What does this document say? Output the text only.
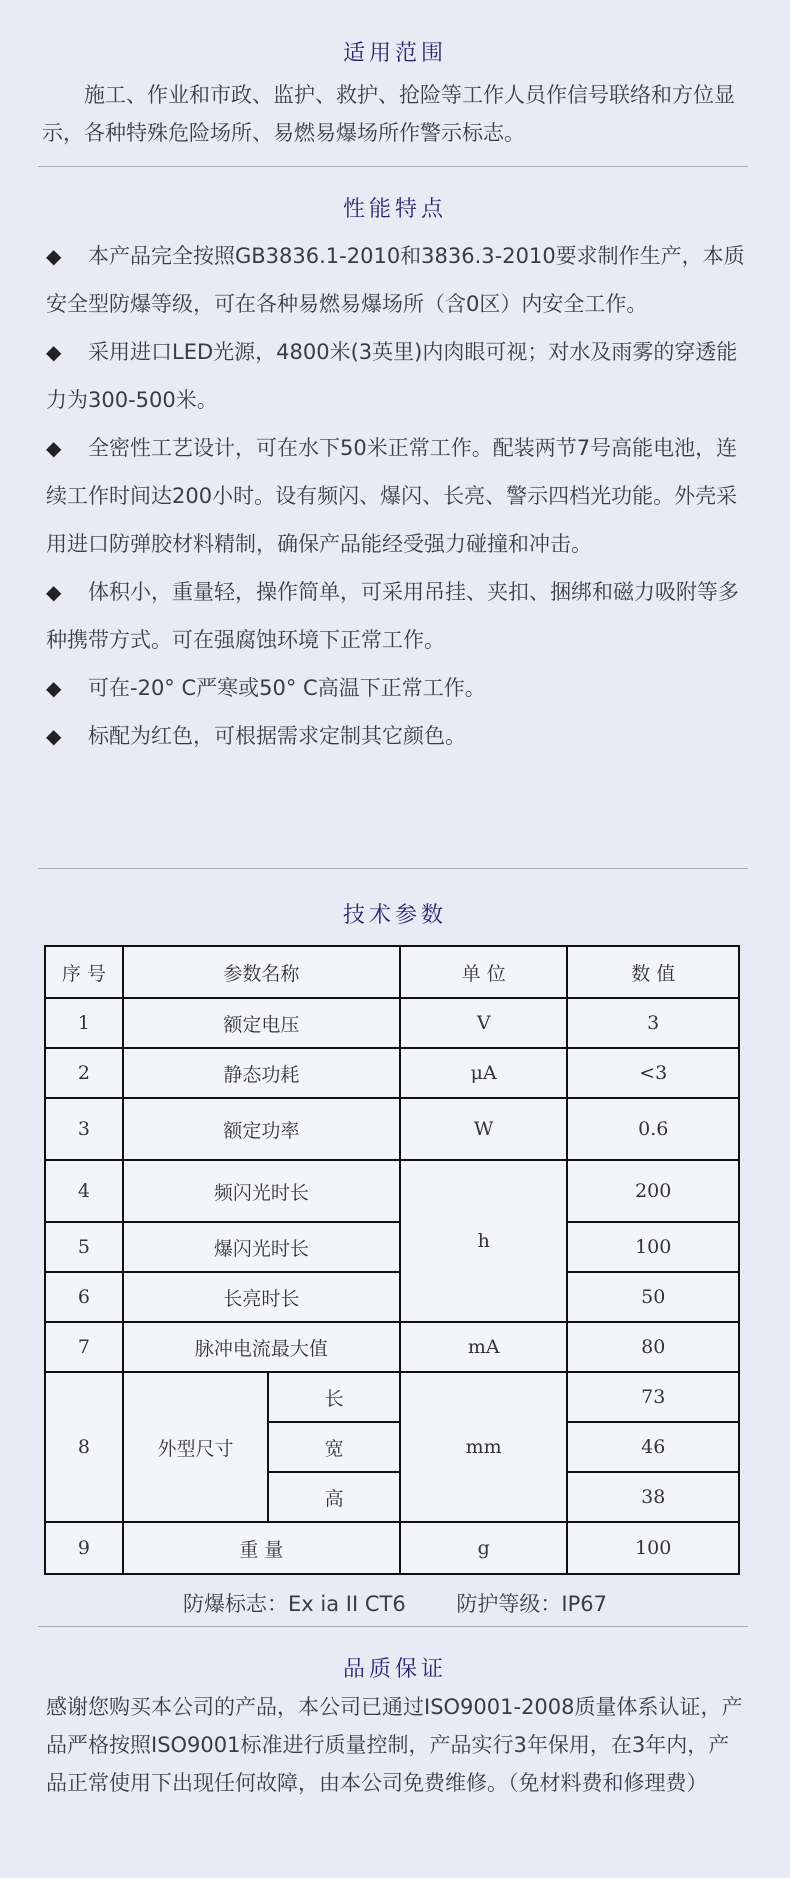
适用范围

施工、作业和市政、监护、救护、抢险等工作人员作信号联络和方位显示，各种特殊危险场所、易燃易爆场所作警示标志。

性能特点
◆ 本产品完全按照GB3836.1-2010和3836.3-2010要求制作生产，本质安全型防爆等级，可在各种易燃易爆场所（含0区）内安全工作。
◆ 采用进口LED光源，4800米(3英里)内肉眼可视；对水及雨雾的穿透能力为300-500米。
◆ 全密性工艺设计，可在水下50米正常工作。配装两节7号高能电池，连续工作时间达200小时。设有频闪、爆闪、长亮、警示四档光功能。外壳采用进口防弹胶材料精制，确保产品能经受强力碰撞和冲击。
◆ 体积小，重量轻，操作简单，可采用吊挂、夹扣、捆绑和磁力吸附等多种携带方式。可在强腐蚀环境下正常工作。
◆ 可在-20° C严寒或50° C高温下正常工作。
◆ 标配为红色，可根据需求定制其它颜色。
技术参数
序 号	参数名称		单 位	数 值
1	额定电压		V	3
2	静态功耗		μA	<3
3	额定功率		W	0.6
4	频闪光时长		h	200
5	爆闪光时长			100
6	长亮时长			50
7	脉冲电流最大值		mA	80
8	外型尺寸	长	mm	73
		宽		46
		高		38
9	重 量		g	100
防爆标志：Ex ia II CT6 防护等级：IP67
品质保证

感谢您购买本公司的产品，本公司已通过ISO9001-2008质量体系认证，产品严格按照ISO9001标准进行质量控制，产品实行3年保用，在3年内，产品正常使用下出现任何故障，由本公司免费维修。（免材料费和修理费）
